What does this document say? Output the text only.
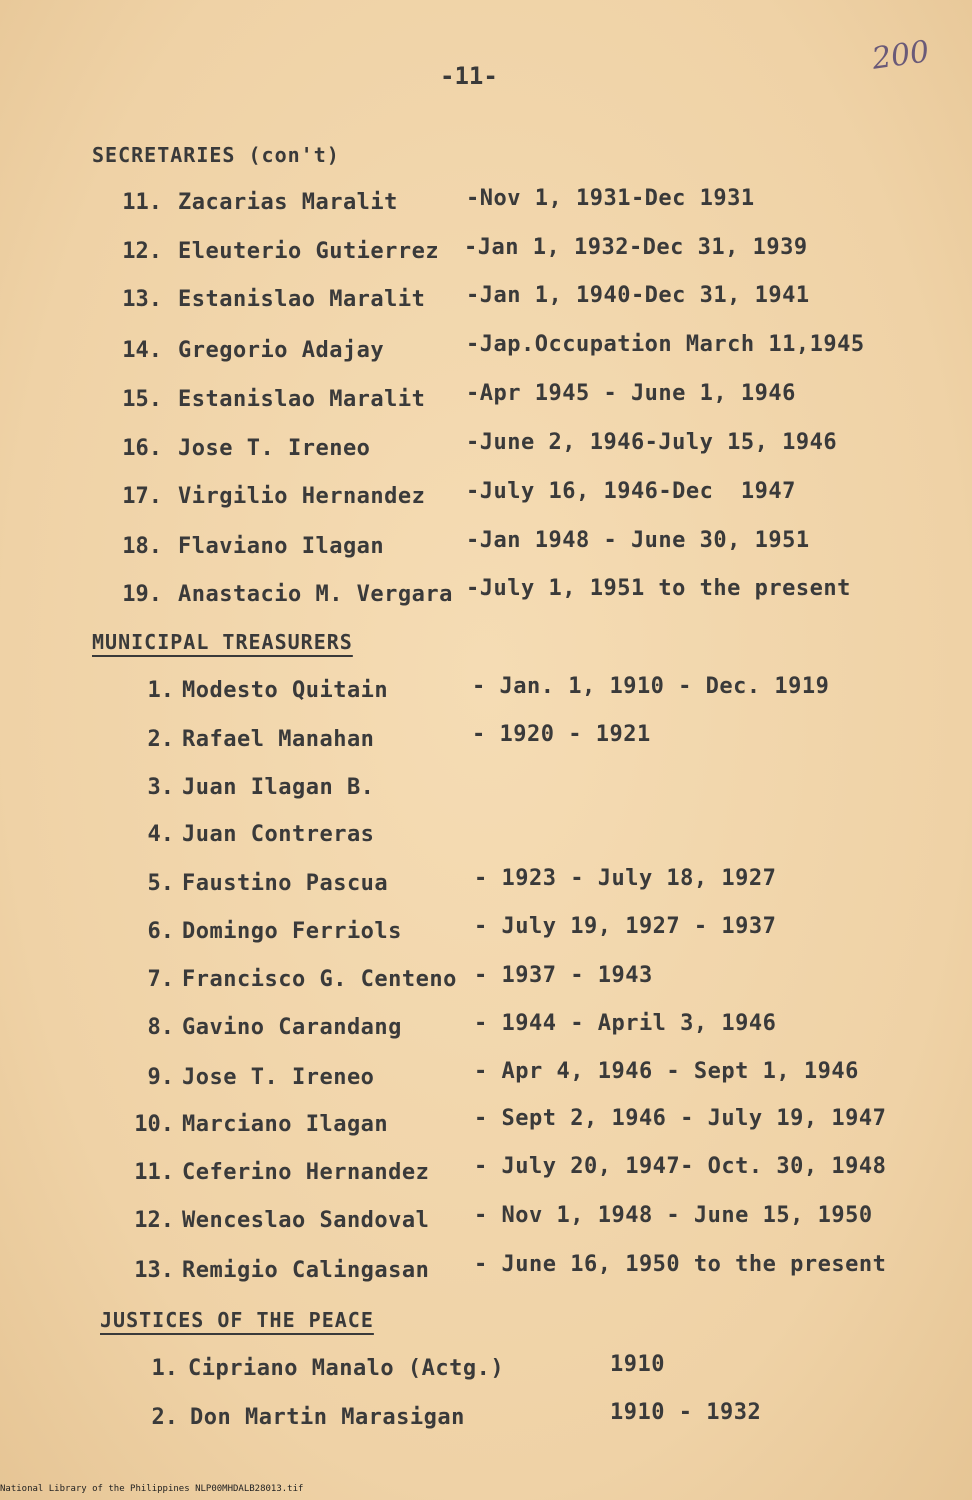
-11-	200
SECRETARIES (con't)
11. Zacarias Maralit	-Nov 1, 1931-Dec 1931
12. Eleuterio Gutierrez -Jan 1, 1932-Dec 31, 1939
13. Estanislao Maralit -Jan 1, 1940-Dec 31, 1941
14. Gregorio Adajay	-Jap.Occupation March 11,1945
15. Estanislao Maralit -Apr 1945 - June 1, 1946
16. Jose T. Ireneo	-June 2, 1946-July 15, 1946
17. Virgilio Hernandez -July 16, 1946-Dec  1947
18. Flaviano Ilagan	-Jan 1948 - June 30, 1951
19. Anastacio M. Vergara -July 1, 1951 to the present
MUNICIPAL TREASURERS
1. Modesto Quitain	- Jan. 1, 1910 - Dec. 1919
2. Rafael Manahan	- 1920 - 1921
3. Juan Ilagan B.
4. Juan Contreras
5. Faustino Pascua	- 1923 - July 18, 1927
6. Domingo Ferriols	- July 19, 1927 - 1937
7. Francisco G. Centeno - 1937 - 1943
8. Gavino Carandang	- 1944 - April 3, 1946
9. Jose T. Ireneo	- Apr 4, 1946 - Sept 1, 1946
10. Marciano Ilagan	- Sept 2, 1946 - July 19, 1947
11. Ceferino Hernandez - July 20, 1947- Oct. 30, 1948
12. Wenceslao Sandoval - Nov 1, 1948 - June 15, 1950
13. Remigio Calingasan - June 16, 1950 to the present
JUSTICES OF THE PEACE
1. Cipriano Manalo (Actg.)	1910
2. Don Martin Marasigan	1910 - 1932
National Library of the Philippines NLP00MHDALB28013.tif
